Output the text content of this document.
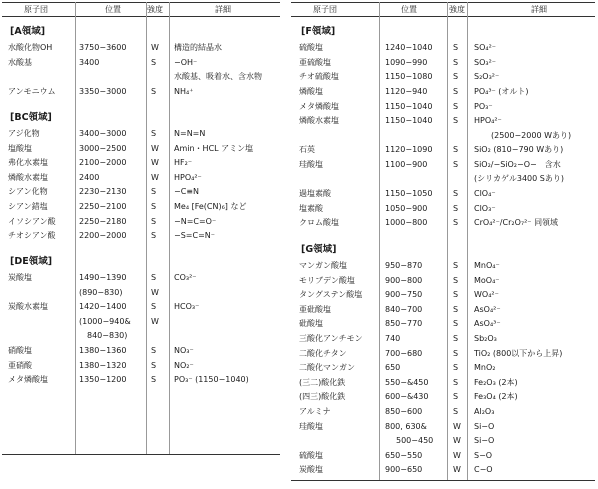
原子団	位置	強度	詳細
[A領域]
水酸化物OH	3750−3600	W 構造的結晶水
水酸基	3400	S −OH⁻
水酸基、吸着水、含水物
アンモニウム	3350−3000	S NH₄⁺
[BC領域]
アジ化物	3400−3000	S N=N=N
塩酸塩	3000−2500	W Amin・HCL アミン塩
弗化水素塩	2100−2000	W HF₂⁻
燐酸水素塩	2400	W HPO₄²⁻
シアン化物	2230−2130	S −C≡N
シアン錯塩	2250−2100	S Me₄ [Fe(CN)₆] など
イソシアン酸	2250−2180	S −N=C=O⁻
チオシアン酸	2200−2000	S −S=C=N⁻
[DE領域]
炭酸塩	1490−1390	S CO₃²⁻
(890−830)	W
炭酸水素塩	1420−1400	S HCO₃⁻
(1000−940&	W
840−830)
硝酸塩	1380−1360	S NO₃⁻
亜硝酸	1380−1320	S NO₂⁻
メタ燐酸塩	1350−1200	S PO₃⁻ (1150−1040)
原子団	位置	強度	詳細
[F領域]
硫酸塩	1240−1040	S SO₄²⁻
亜硫酸塩	1090−990	S SO₃²⁻
チオ硫酸塩	1150−1080	S S₂O₃²⁻
燐酸塩	1120−940	S PO₄³⁻ (オルト)
メタ燐酸塩	1150−1040	S PO₃⁻
燐酸水素塩	1150−1040	S HPO₄²⁻
(2500−2000 Wあり)
石英	1120−1090	S SiO₂ (810−790 Wあり)
珪酸塩	1100−900	S SiO₂/−SiO₂−O−　含水
(シリカゲル3400 Sあり)
過塩素酸	1150−1050	S ClO₄⁻
塩素酸	1050−900	S ClO₃⁻
クロム酸塩	1000−800	S CrO₄²⁻/Cr₂O₇²⁻ 同領域
[G領域]
マンガン酸塩	950−870	S MnO₄⁻
モリブデン酸塩	900−800	S MoO₄⁻
タングステン酸塩	900−750	S WO₄²⁻
亜砒酸塩	840−700	S AsO₄²⁻
砒酸塩	850−770	S AsO₄³⁻
三酸化アンチモン	740	S Sb₂O₃
二酸化チタン	700−680	S TiO₂ (800以下から上昇)
二酸化マンガン	650	S MnO₂
(三二)酸化鉄	550−&450	S Fe₂O₃ (2本)
(四三)酸化鉄	600−&430	S Fe₃O₄ (2本)
アルミナ	850−600	S Al₂O₃
珪酸塩	800, 630&	W Si−O
500−450 W Si−O
硫酸塩	650−550	W S−O
炭酸塩	900−650	W C−O
